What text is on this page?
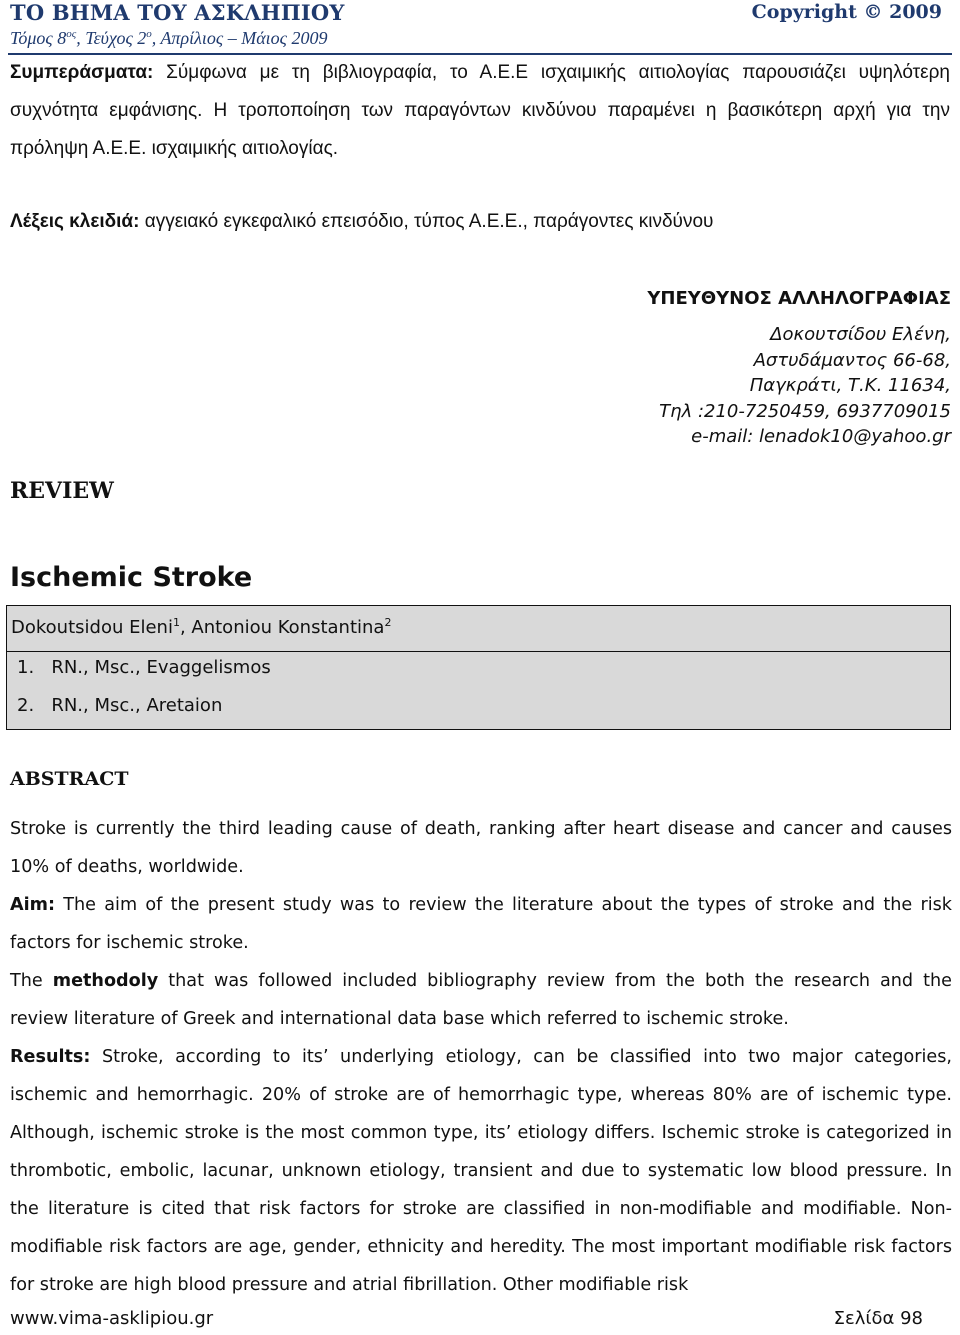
ΤΟ ΒΗΜΑ ΤΟΥ ΑΣΚΛΗΠΙΟΥ	Copyright © 2009
Τόμος $8^{o\varsigma}$, Τεύχος $2^o$, Απρίλιος – Μάιος 2009
Συμπεράσματα: Σύμφωνα με τη βιβλιογραφία, το Α.Ε.Ε ισχαιμικής αιτιολογίας παρουσιάζει υψηλότερη συχνότητα εμφάνισης. Η τροποποίηση των παραγόντων κινδύνου παραμένει η βασικότερη αρχή για την πρόληψη Α.Ε.Ε. ισχαιμικής αιτιολογίας.
Λέξεις κλειδιά: αγγειακό εγκεφαλικό επεισόδιο, τύπος Α.Ε.Ε., παράγοντες κινδύνου
ΥΠΕΥΘΥΝΟΣ ΑΛΛΗΛΟΓΡΑΦΙΑΣ
Δοκουτσίδου Ελένη,
Αστυδάμαντος 66-68,
Παγκράτι, Τ.Κ. 11634,
Τηλ :210-7250459, 6937709015
e-mail: lenadok10@yahoo.gr
REVIEW
Ischemic Stroke
Dokoutsidou Eleni$^1$, Antoniou Konstantina$^2$
1.   RN., Msc., Evaggelismos
2.   RN., Msc., Aretaion
ABSTRACT

Stroke is currently the third leading cause of death, ranking after heart disease and cancer and causes 10% of deaths, worldwide.

Aim: The aim of the present study was to review the literature about the types of stroke and the risk factors for ischemic stroke.

The methodoly that was followed included bibliography review from the both the research and the review literature of Greek and international data base which referred to ischemic stroke.

Results: Stroke, according to its’ underlying etiology, can be classified into two major categories, ischemic and hemorrhagic. 20% of stroke are of hemorrhagic type, whereas 80% are of ischemic type. Although, ischemic stroke is the most common type, its’ etiology differs. Ischemic stroke is categorized in thrombotic, embolic, lacunar, unknown etiology, transient and due to systematic low blood pressure. In the literature is cited that risk factors for stroke are classified in non-modifiable and modifiable. Non-modifiable risk factors are age, gender, ethnicity and heredity. The most important modifiable risk factors for stroke are high blood pressure and atrial fibrillation. Other modifiable risk

www.vima-asklipiou.gr	Σελίδα 98
